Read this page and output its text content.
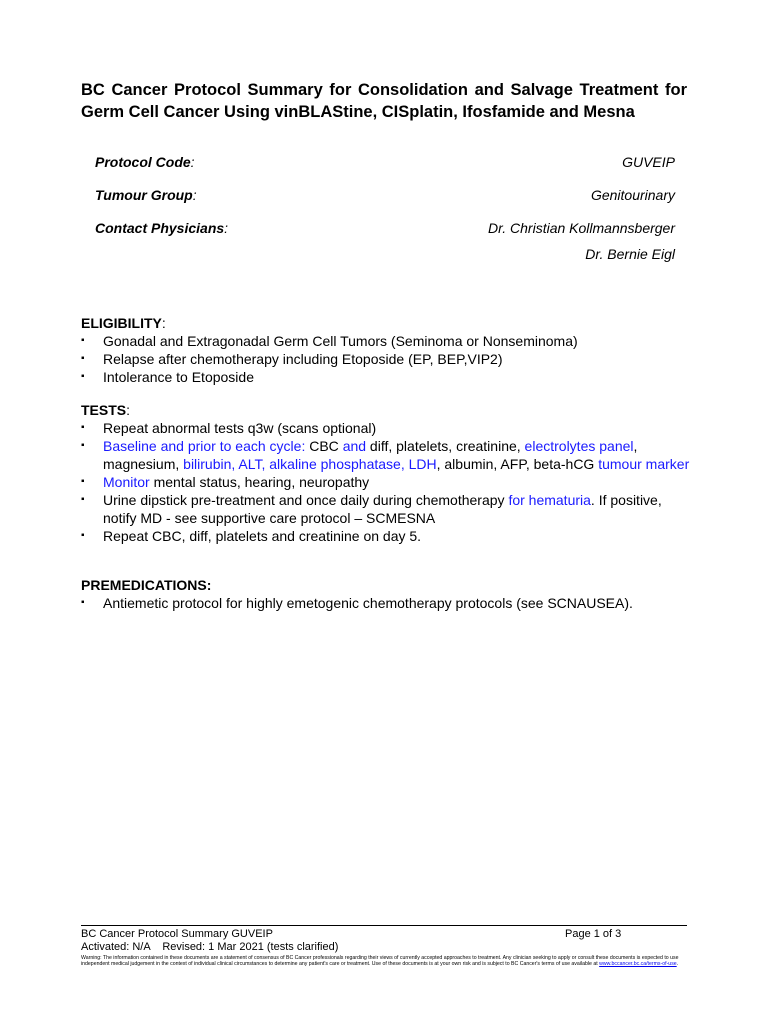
BC Cancer Protocol Summary for Consolidation and Salvage Treatment for Germ Cell Cancer Using vinBLAStine, CISplatin, Ifosfamide and Mesna
Protocol Code:	GUVEIP
Tumour Group:	Genitourinary
Contact Physicians:	Dr. Christian Kollmannsberger
Dr. Bernie Eigl

ELIGIBILITY:

▪ Gonadal and Extragonadal Germ Cell Tumors (Seminoma or Nonseminoma)
▪ Relapse after chemotherapy including Etoposide (EP, BEP,VIP2)
▪ Intolerance to Etoposide

TESTS:

▪ Repeat abnormal tests q3w (scans optional)
▪ Baseline and prior to each cycle: CBC and diff, platelets, creatinine, electrolytes panel, magnesium, bilirubin, ALT, alkaline phosphatase, LDH, albumin, AFP, beta-hCG tumour marker
▪ Monitor mental status, hearing, neuropathy
▪ Urine dipstick pre-treatment and once daily during chemotherapy for hematuria. If positive, notify MD - see supportive care protocol – SCMESNA
▪ Repeat CBC, diff, platelets and creatinine on day 5.

PREMEDICATIONS:

▪ Antiemetic protocol for highly emetogenic chemotherapy protocols (see SCNAUSEA).
BC Cancer Protocol Summary GUVEIP	Page 1 of 3
Activated: N/A    Revised: 1 Mar 2021 (tests clarified)
Warning: The information contained in these documents are a statement of consensus of BC Cancer professionals regarding their views of currently accepted approaches to treatment. Any clinician seeking to apply or consult these documents is expected to use independent medical judgement in the context of individual clinical circumstances to determine any patient's care or treatment. Use of these documents is at your own risk and is subject to BC Cancer's terms of use available at www.bccancer.bc.ca/terms-of-use.
